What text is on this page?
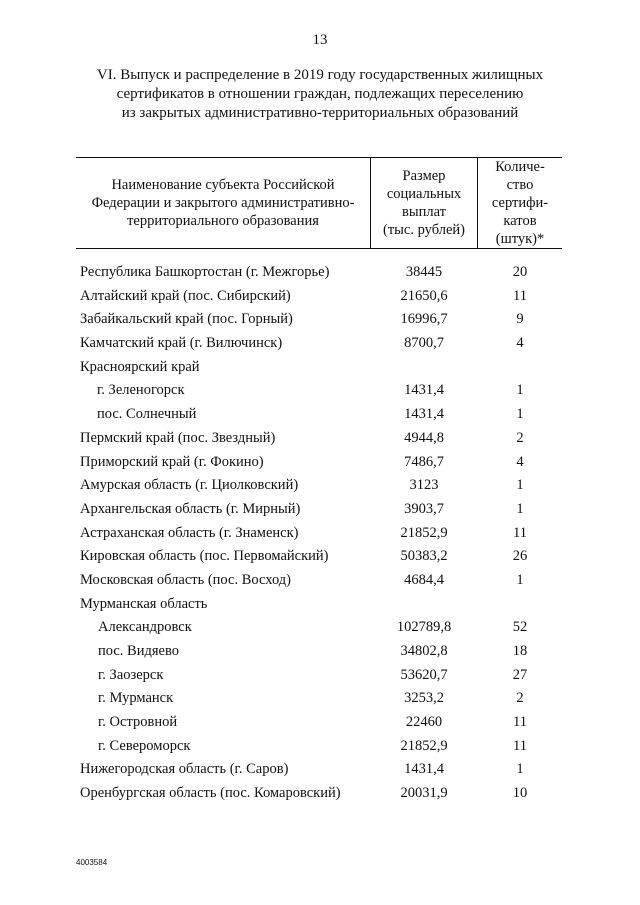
13
VI. Выпуск и распределение в 2019 году государственных жилищных
сертификатов в отношении граждан, подлежащих переселению
из закрытых административно-территориальных образований
Наименование субъекта Российской
Федерации и закрытого административно-
территориального образования
Размер
социальных
выплат
(тыс. рублей)
Количе-
ство
сертифи-
катов
(штук)*
Республика Башкортостан (г. Межгорье)	38445	20
Алтайский край (пос. Сибирский)	21650,6	11
Забайкальский край (пос. Горный)	16996,7	9
Камчатский край (г. Вилючинск)	8700,7	4
Красноярский край
г. Зеленогорск	1431,4	1
пос. Солнечный	1431,4	1
Пермский край (пос. Звездный)	4944,8	2
Приморский край (г. Фокино)	7486,7	4
Амурская область (г. Циолковский)	3123	1
Архангельская область (г. Мирный)	3903,7	1
Астраханская область (г. Знаменск)	21852,9	11
Кировская область (пос. Первомайский)	50383,2	26
Московская область (пос. Восход)	4684,4	1
Мурманская область
Александровск	102789,8	52
пос. Видяево	34802,8	18
г. Заозерск	53620,7	27
г. Мурманск	3253,2	2
г. Островной	22460	11
г. Североморск	21852,9	11
Нижегородская область (г. Саров)	1431,4	1
Оренбургская область (пос. Комаровский)	20031,9	10
4003584
